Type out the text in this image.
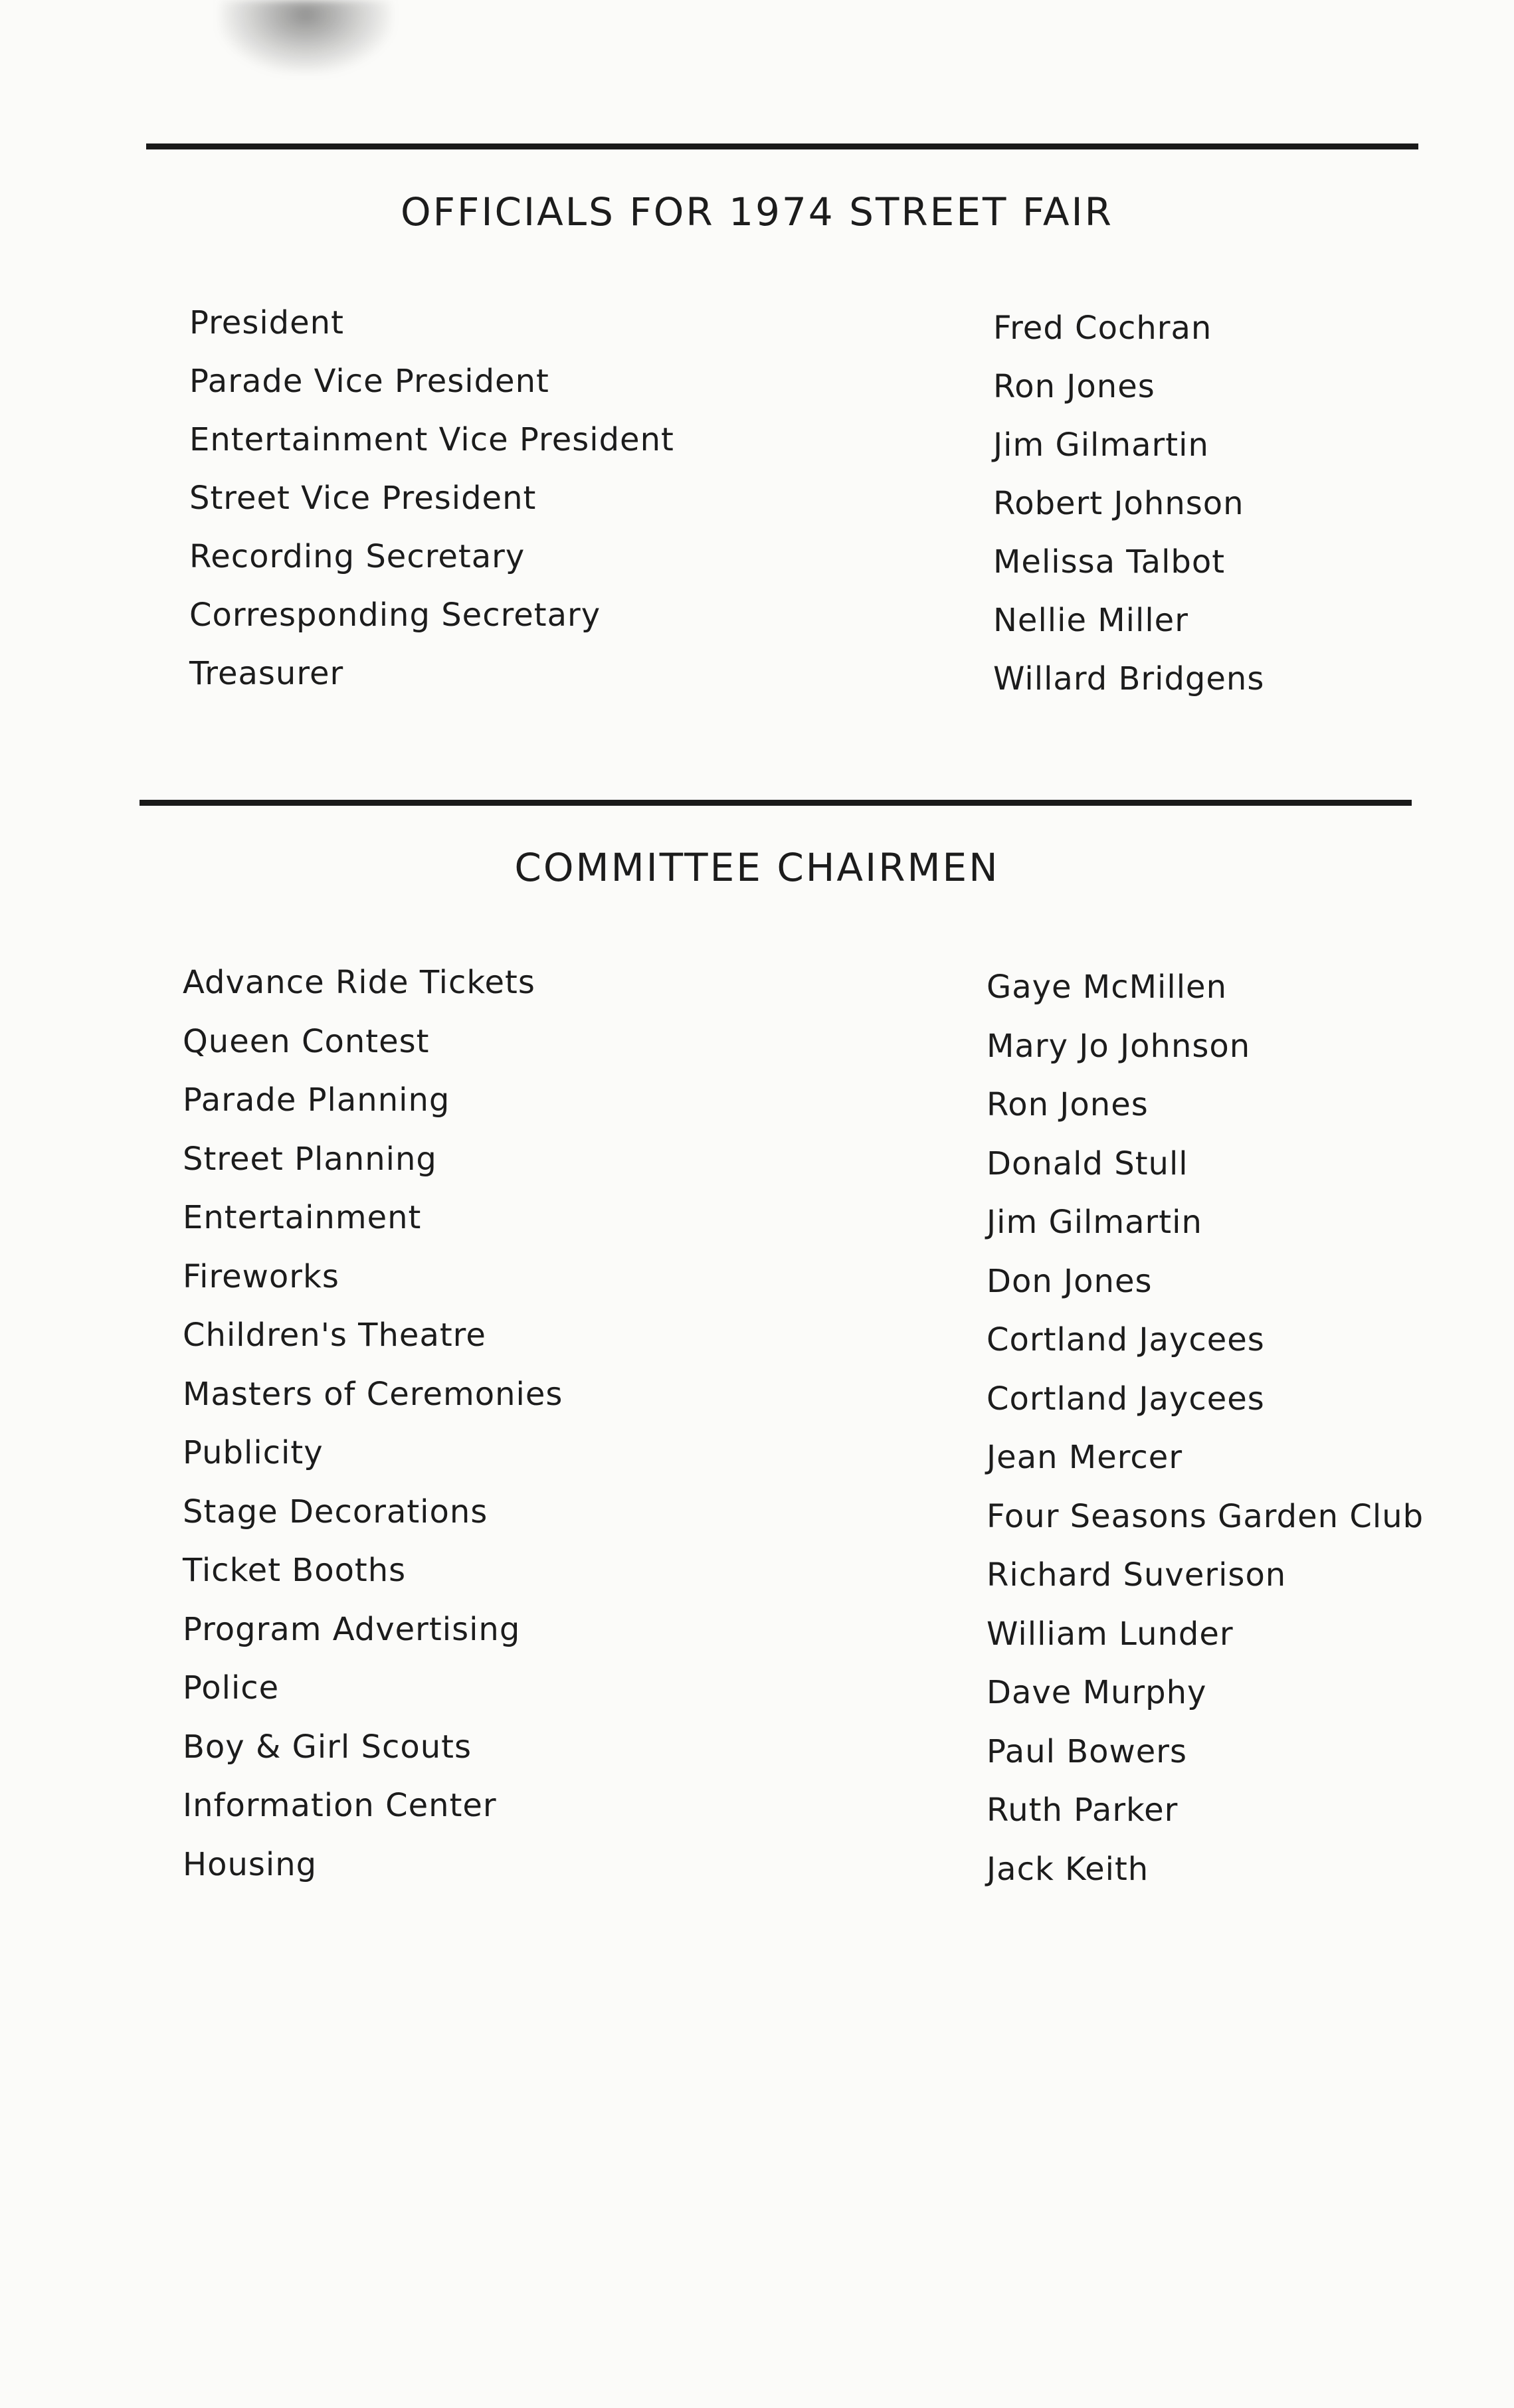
OFFICIALS FOR 1974 STREET FAIR
President
Parade Vice President
Entertainment Vice President
Street Vice President
Recording Secretary
Corresponding Secretary
Treasurer
Fred Cochran
Ron Jones
Jim Gilmartin
Robert Johnson
Melissa Talbot
Nellie Miller
Willard Bridgens
COMMITTEE CHAIRMEN
Advance Ride Tickets
Queen Contest
Parade Planning
Street Planning
Entertainment
Fireworks
Children's Theatre
Masters of Ceremonies
Publicity
Stage Decorations
Ticket Booths
Program Advertising
Police
Boy & Girl Scouts
Information Center
Housing
Gaye McMillen
Mary Jo Johnson
Ron Jones
Donald Stull
Jim Gilmartin
Don Jones
Cortland Jaycees
Cortland Jaycees
Jean Mercer
Four Seasons Garden Club
Richard Suverison
William Lunder
Dave Murphy
Paul Bowers
Ruth Parker
Jack Keith
